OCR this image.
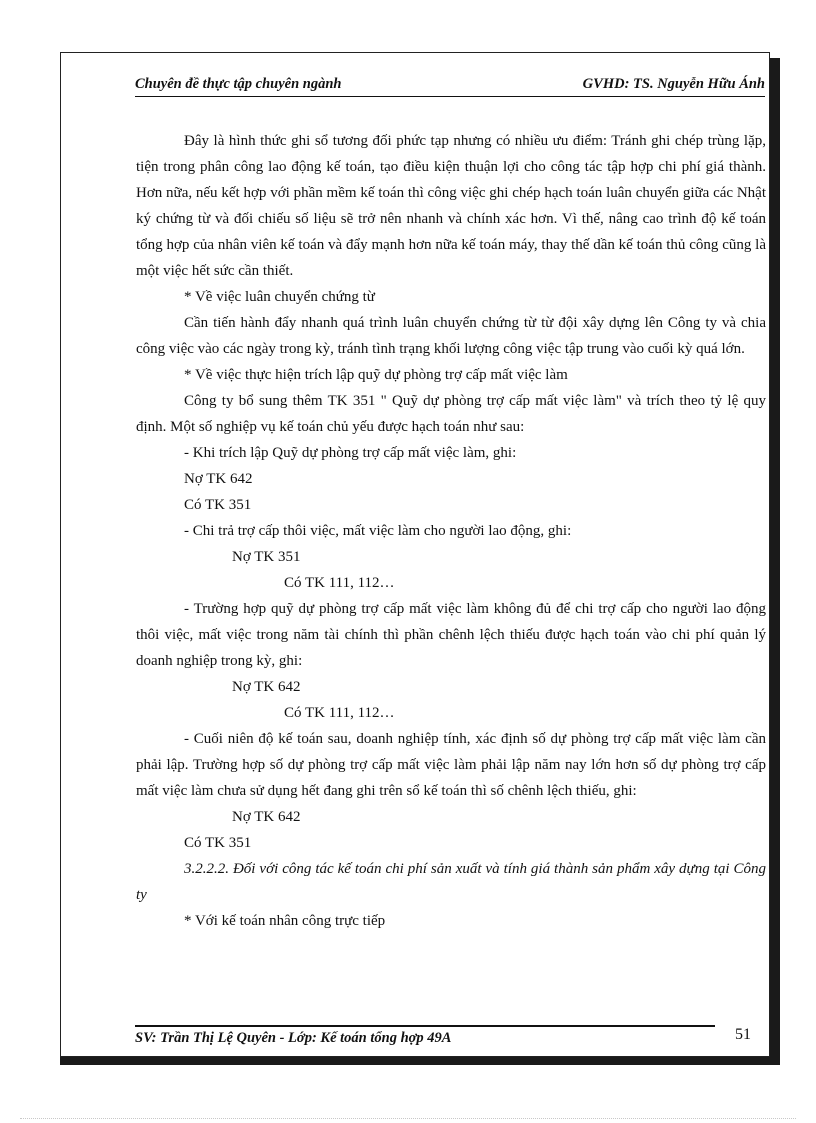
Chuyên đề thực tập chuyên ngành	GVHD: TS. Nguyễn Hữu Ánh

Đây là hình thức ghi sổ tương đối phức tạp nhưng có nhiều ưu điểm: Tránh ghi chép trùng lặp, tiện trong phân công lao động kế toán, tạo điều kiện thuận lợi cho công tác tập hợp chi phí giá thành. Hơn nữa, nếu kết hợp với phần mềm kế toán thì công việc ghi chép hạch toán luân chuyển giữa các Nhật ký chứng từ và đối chiếu số liệu sẽ trở nên nhanh và chính xác hơn. Vì thế, nâng cao trình độ kế toán tổng hợp của nhân viên kế toán và đẩy mạnh hơn nữa kế toán máy, thay thế dần kế toán thủ công cũng là một việc hết sức cần thiết.

* Về việc luân chuyển chứng từ

Cần tiến hành đẩy nhanh quá trình luân chuyển chứng từ từ đội xây dựng lên Công ty và chia công việc vào các ngày trong kỳ, tránh tình trạng khối lượng công việc tập trung vào cuối kỳ quá lớn.

* Về việc thực hiện trích lập quỹ dự phòng trợ cấp mất việc làm

Công ty bổ sung thêm TK 351 " Quỹ dự phòng trợ cấp mất việc làm" và trích theo tỷ lệ quy định. Một số nghiệp vụ kế toán chủ yếu được hạch toán như sau:

- Khi trích lập Quỹ dự phòng trợ cấp mất việc làm, ghi:

Nợ TK 642

Có TK 351

- Chi trả trợ cấp thôi việc, mất việc làm cho người lao động, ghi:

Nợ TK 351

Có TK 111, 112…

- Trường hợp quỹ dự phòng trợ cấp mất việc làm không đủ để chi trợ cấp cho người lao động thôi việc, mất việc trong năm tài chính thì phần chênh lệch thiếu được hạch toán vào chi phí quản lý doanh nghiệp trong kỳ, ghi:

Nợ TK 642

Có TK 111, 112…

- Cuối niên độ kế toán sau, doanh nghiệp tính, xác định số dự phòng trợ cấp mất việc làm cần phải lập. Trường hợp số dự phòng trợ cấp mất việc làm phải lập năm nay lớn hơn số dự phòng trợ cấp mất việc làm chưa sử dụng hết đang ghi trên sổ kế toán thì số chênh lệch thiếu, ghi:

Nợ TK 642

Có TK 351

3.2.2.2. Đối với công tác kế toán chi phí sản xuất và tính giá thành sản phẩm xây dựng tại Công ty

* Với kế toán nhân công trực tiếp

SV: Trần Thị Lệ Quyên - Lớp: Kế toán tổng hợp 49A	51
